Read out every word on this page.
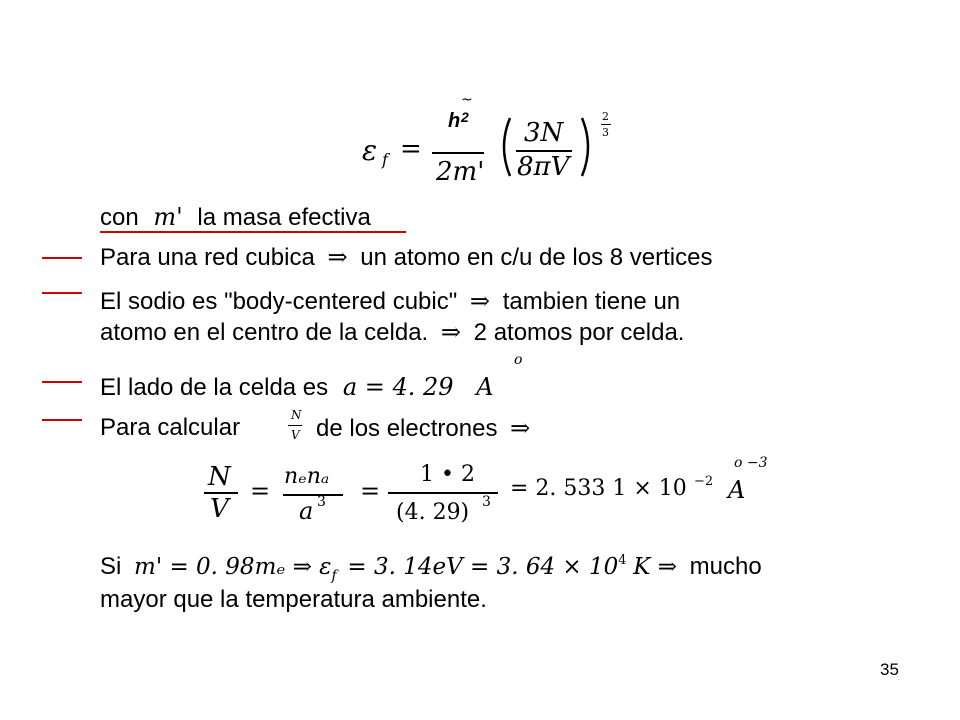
ε f =
~
h 2
2m'
3N
8πV
2
3
con m' la masa efectiva
Para una red cubica ⇒ un atomo en c/u de los 8 vertices
El sodio es "body-centered cubic" ⇒ tambien tiene un
atomo en el centro de la celda. ⇒ 2 atomos por celda.
El lado de la celda es a = 4. 29 A
o
Para calcular	N
V de los electrones ⇒
N
V
=
nₑnₐ
a 3 =
1 • 2
(4. 29) 3
= 2. 533 1 × 10 −2 A
o −3
Si m' = 0. 98mₑ ⇒ $\varepsilon_f = 3$. 14eV = 3. $64 \times 10^4$ K ⇒ mucho
mayor que la temperatura ambiente.
35
